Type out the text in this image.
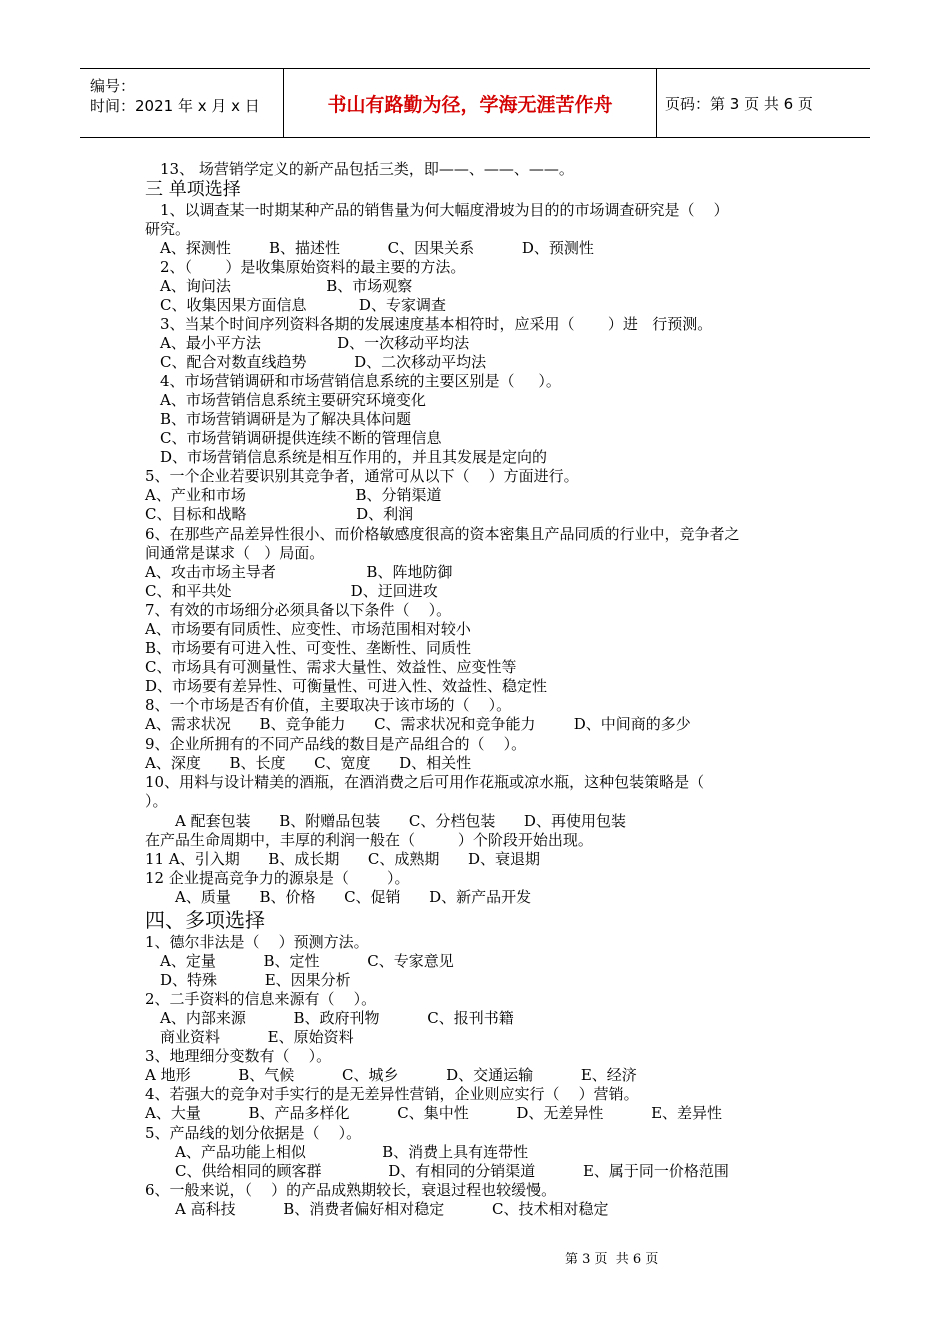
编号：
时间：2021 年 x 月 x 日	书山有路勤为径，学海无涯苦作舟	页码：第 3 页 共 6 页
13、 场营销学定义的新产品包括三类，即——、——、——。
三 单项选择
1、以调查某一时期某种产品的销售量为何大幅度滑坡为目的的市场调查研究是（    ）
研究。
A、探测性        B、描述性          C、因果关系          D、预测性
2、（       ）是收集原始资料的最主要的方法。
A、询问法                    B、市场观察
C、收集因果方面信息           D、专家调查
3、当某个时间序列资料各期的发展速度基本相符时，应采用（       ）进   行预测。
A、最小平方法                D、一次移动平均法
C、配合对数直线趋势          D、二次移动平均法
4、市场营销调研和市场营销信息系统的主要区别是（     ）。
A、市场营销信息系统主要研究环境变化
B、市场营销调研是为了解决具体问题
C、市场营销调研提供连续不断的管理信息
D、市场营销信息系统是相互作用的，并且其发展是定向的
5、一个企业若要识别其竞争者，通常可从以下（    ）方面进行。
A、产业和市场                       B、分销渠道
C、目标和战略                       D、利润
6、在那些产品差异性很小、而价格敏感度很高的资本密集且产品同质的行业中，竞争者之
间通常是谋求（   ）局面。
A、攻击市场主导者                   B、阵地防御
C、和平共处                         D、迂回进攻
7、有效的市场细分必须具备以下条件（    ）。
A、市场要有同质性、应变性、市场范围相对较小
B、市场要有可进入性、可变性、垄断性、同质性
C、市场具有可测量性、需求大量性、效益性、应变性等
D、市场要有差异性、可衡量性、可进入性、效益性、稳定性
8、一个市场是否有价值，主要取决于该市场的（    ）。
A、需求状况      B、竞争能力      C、需求状况和竞争能力        D、中间商的多少
9、企业所拥有的不同产品线的数目是产品组合的（    ）。
A、深度      B、长度      C、宽度      D、相关性
10、用料与设计精美的酒瓶，在酒消费之后可用作花瓶或凉水瓶，这种包装策略是（
）。
A 配套包装      B、附赠品包装      C、分档包装      D、再使用包装
在产品生命周期中，丰厚的利润一般在（         ）个阶段开始出现。
11 A、引入期      B、成长期      C、成熟期      D、衰退期
12 企业提高竞争力的源泉是（        ）。
A、质量      B、价格      C、促销      D、新产品开发
四、多项选择
1、德尔非法是（    ）预测方法。
A、定量          B、定性          C、专家意见
D、特殊          E、因果分析
2、二手资料的信息来源有（    ）。
A、内部来源          B、政府刊物          C、报刊书籍
商业资料          E、原始资料
3、地理细分变数有（    ）。
A 地形          B、气候          C、城乡          D、交通运输          E、经济
4、若强大的竞争对手实行的是无差异性营销，企业则应实行（    ）营销。
A、大量          B、产品多样化          C、集中性          D、无差异性          E、差异性
5、产品线的划分依据是（    ）。
A、产品功能上相似                B、消费上具有连带性
C、供给相同的顾客群              D、有相同的分销渠道          E、属于同一价格范围
6、一般来说，（    ）的产品成熟期较长，衰退过程也较缓慢。
A 高科技          B、消费者偏好相对稳定          C、技术相对稳定
第 3 页  共 6 页
